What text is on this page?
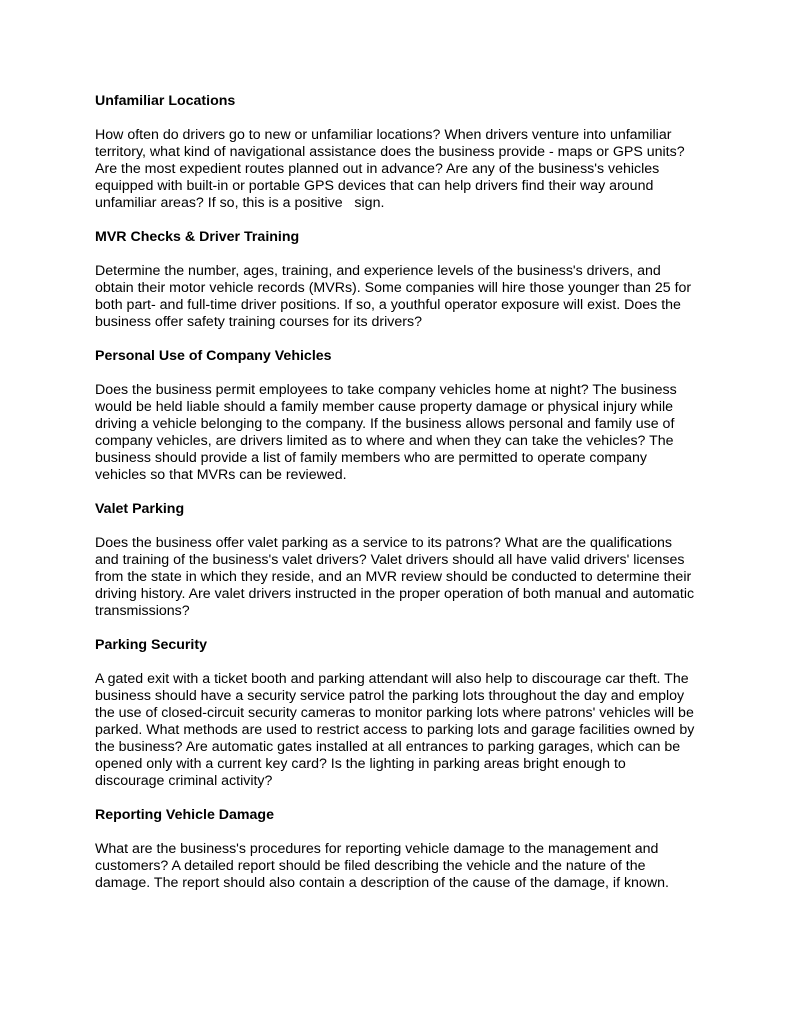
Unfamiliar Locations
How often do drivers go to new or unfamiliar locations? When drivers venture into unfamiliar
territory, what kind of navigational assistance does the business provide - maps or GPS units?
Are the most expedient routes planned out in advance? Are any of the business's vehicles
equipped with built-in or portable GPS devices that can help drivers find their way around
unfamiliar areas? If so, this is a positive   sign.
MVR Checks & Driver Training
Determine the number, ages, training, and experience levels of the business's drivers, and
obtain their motor vehicle records (MVRs). Some companies will hire those younger than 25 for
both part- and full-time driver positions. If so, a youthful operator exposure will exist. Does the
business offer safety training courses for its drivers?
Personal Use of Company Vehicles
Does the business permit employees to take company vehicles home at night? The business
would be held liable should a family member cause property damage or physical injury while
driving a vehicle belonging to the company. If the business allows personal and family use of
company vehicles, are drivers limited as to where and when they can take the vehicles? The
business should provide a list of family members who are permitted to operate company
vehicles so that MVRs can be reviewed.
Valet Parking
Does the business offer valet parking as a service to its patrons? What are the qualifications
and training of the business's valet drivers? Valet drivers should all have valid drivers' licenses
from the state in which they reside, and an MVR review should be conducted to determine their
driving history. Are valet drivers instructed in the proper operation of both manual and automatic
transmissions?
Parking Security
A gated exit with a ticket booth and parking attendant will also help to discourage car theft. The
business should have a security service patrol the parking lots throughout the day and employ
the use of closed-circuit security cameras to monitor parking lots where patrons' vehicles will be
parked. What methods are used to restrict access to parking lots and garage facilities owned by
the business? Are automatic gates installed at all entrances to parking garages, which can be
opened only with a current key card? Is the lighting in parking areas bright enough to
discourage criminal activity?
Reporting Vehicle Damage
What are the business's procedures for reporting vehicle damage to the management and
customers? A detailed report should be filed describing the vehicle and the nature of the
damage. The report should also contain a description of the cause of the damage, if known.
